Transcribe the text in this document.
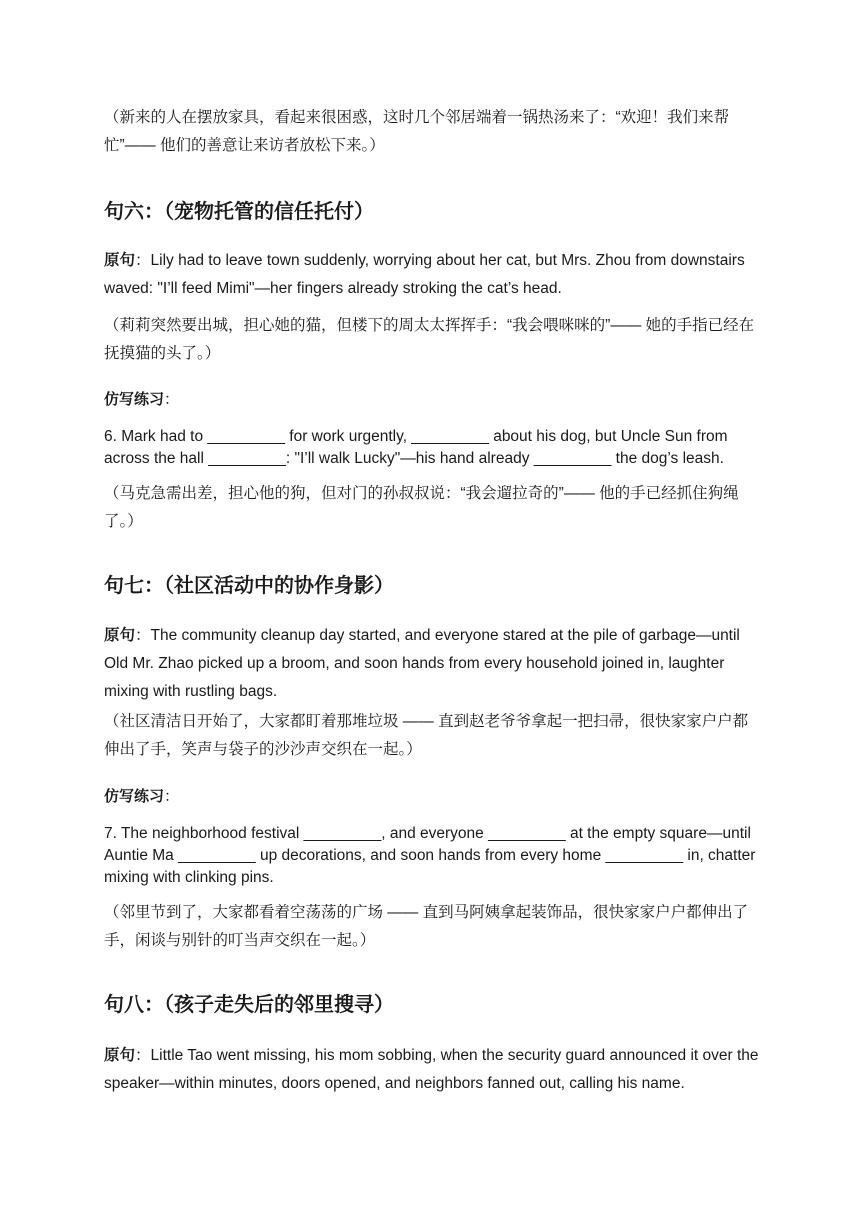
（新来的人在摆放家具，看起来很困惑，这时几个邻居端着一锅热汤来了：“欢迎！我们来帮忙”—— 他们的善意让来访者放松下来。）

句六：（宠物托管的信任托付）

原句：Lily had to leave town suddenly, worrying about her cat, but Mrs. Zhou from downstairs waved: "I’ll feed Mimi"—her fingers already stroking the cat’s head.

（莉莉突然要出城，担心她的猫，但楼下的周太太挥挥手：“我会喂咪咪的”—— 她的手指已经在抚摸猫的头了。）

仿写练习：

6. Mark had to _________ for work urgently, _________ about his dog, but Uncle Sun from across the hall _________: "I’ll walk Lucky"—his hand already _________ the dog’s leash.

（马克急需出差，担心他的狗，但对门的孙叔叔说：“我会遛拉奇的”—— 他的手已经抓住狗绳了。）

句七：（社区活动中的协作身影）

原句：The community cleanup day started, and everyone stared at the pile of garbage—until Old Mr. Zhao picked up a broom, and soon hands from every household joined in, laughter mixing with rustling bags.

（社区清洁日开始了，大家都盯着那堆垃圾 —— 直到赵老爷爷拿起一把扫帚，很快家家户户都伸出了手，笑声与袋子的沙沙声交织在一起。）

仿写练习：

7. The neighborhood festival _________, and everyone _________ at the empty square—until Auntie Ma _________ up decorations, and soon hands from every home _________ in, chatter mixing with clinking pins.

（邻里节到了，大家都看着空荡荡的广场 —— 直到马阿姨拿起装饰品，很快家家户户都伸出了手，闲谈与别针的叮当声交织在一起。）

句八：（孩子走失后的邻里搜寻）

原句：Little Tao went missing, his mom sobbing, when the security guard announced it over the speaker—within minutes, doors opened, and neighbors fanned out, calling his name.
